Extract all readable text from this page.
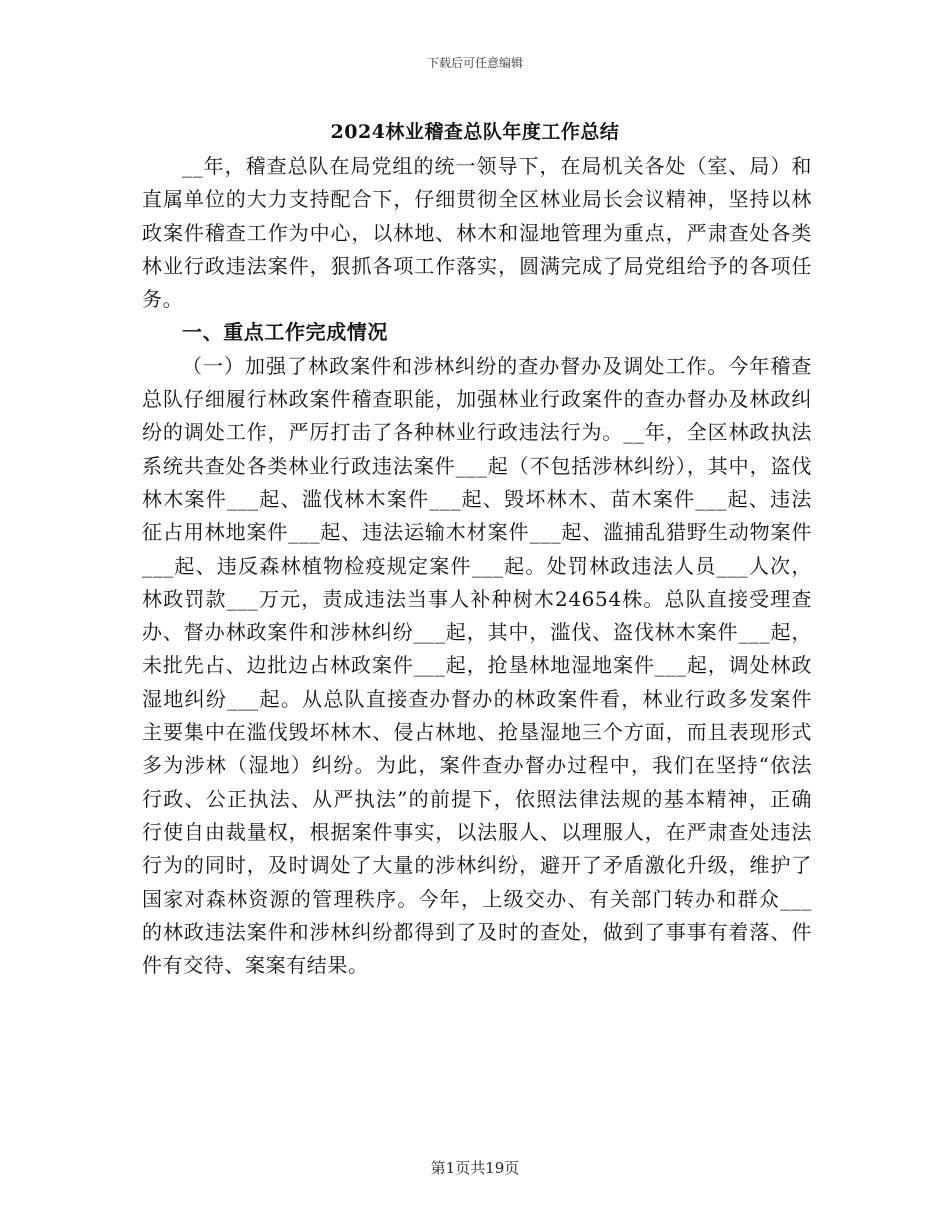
下载后可任意编辑
2024林业稽查总队年度工作总结

__年，稽查总队在局党组的统一领导下，在局机关各处（室、局）和直属单位的大力支持配合下，仔细贯彻全区林业局长会议精神，坚持以林政案件稽查工作为中心，以林地、林木和湿地管理为重点，严肃查处各类林业行政违法案件，狠抓各项工作落实，圆满完成了局党组给予的各项任务。

一、重点工作完成情况

（一）加强了林政案件和涉林纠纷的查办督办及调处工作。今年稽查总队仔细履行林政案件稽查职能，加强林业行政案件的查办督办及林政纠纷的调处工作，严厉打击了各种林业行政违法行为。__年，全区林政执法系统共查处各类林业行政违法案件___起（不包括涉林纠纷），其中，盗伐林木案件___起、滥伐林木案件___起、毁坏林木、苗木案件___起、违法征占用林地案件___起、违法运输木材案件___起、滥捕乱猎野生动物案件___起、违反森林植物检疫规定案件___起。处罚林政违法人员___人次，林政罚款___万元，责成违法当事人补种树木24654株。总队直接受理查办、督办林政案件和涉林纠纷___起，其中，滥伐、盗伐林木案件___起，未批先占、边批边占林政案件___起，抢垦林地湿地案件___起，调处林政湿地纠纷___起。从总队直接查办督办的林政案件看，林业行政多发案件主要集中在滥伐毁坏林木、侵占林地、抢垦湿地三个方面，而且表现形式多为涉林（湿地）纠纷。为此，案件查办督办过程中，我们在坚持“依法行政、公正执法、从严执法”的前提下，依照法律法规的基本精神，正确行使自由裁量权，根据案件事实，以法服人、以理服人，在严肃查处违法行为的同时，及时调处了大量的涉林纠纷，避开了矛盾激化升级，维护了国家对森林资源的管理秩序。今年，上级交办、有关部门转办和群众___的林政违法案件和涉林纠纷都得到了及时的查处，做到了事事有着落、件件有交待、案案有结果。

第1页共19页
